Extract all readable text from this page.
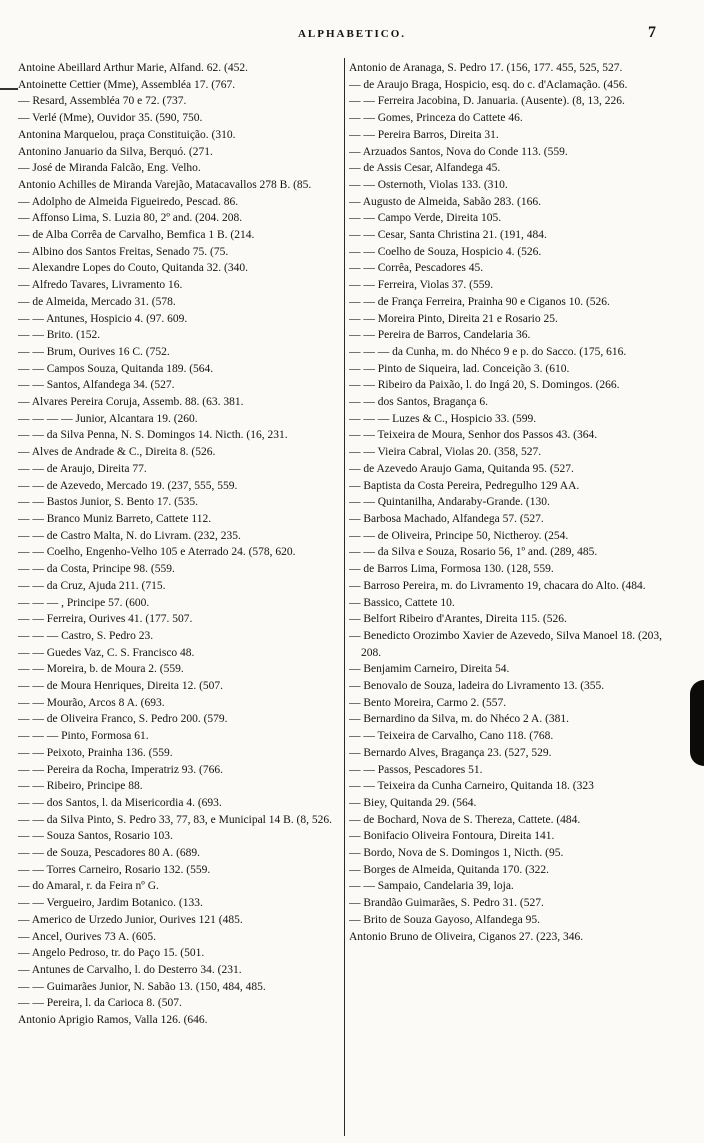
ALPHABETICO.	7

Antoine Abeillard Arthur Marie, Alfand. 62. (452.

Antoinette Cettier (Mme), Assembléa 17. (767.

— Resard, Assembléa 70 e 72. (737.

— Verlé (Mme), Ouvidor 35. (590, 750.

Antonina Marquelou, praça Constituição. (310.

Antonino Januario da Silva, Berquó. (271.

— José de Miranda Falcão, Eng. Velho.

Antonio Achilles de Miranda Varejão, Matacavallos 278 B. (85.

— Adolpho de Almeida Figueiredo, Pescad. 86.

— Affonso Lima, S. Luzia 80, 2º and. (204. 208.

— de Alba Corrêa de Carvalho, Bemfica 1 B. (214.

— Albino dos Santos Freitas, Senado 75. (75.

— Alexandre Lopes do Couto, Quitanda 32. (340.

— Alfredo Tavares, Livramento 16.

— de Almeida, Mercado 31. (578.

— — Antunes, Hospicio 4. (97. 609.

— — Brito. (152.

— — Brum, Ourives 16 C. (752.

— — Campos Souza, Quitanda 189. (564.

— — Santos, Alfandega 34. (527.

— Alvares Pereira Coruja, Assemb. 88. (63. 381.

— — — — Junior, Alcantara 19. (260.

— — da Silva Penna, N. S. Domingos 14. Nicth. (16, 231.

— Alves de Andrade & C., Direita 8. (526.

— — de Araujo, Direita 77.

— — de Azevedo, Mercado 19. (237, 555, 559.

— — Bastos Junior, S. Bento 17. (535.

— — Branco Muniz Barreto, Cattete 112.

— — de Castro Malta, N. do Livram. (232, 235.

— — Coelho, Engenho-Velho 105 e Aterrado 24. (578, 620.

— — da Costa, Principe 98. (559.

— — da Cruz, Ajuda 211. (715.

— — — , Principe 57. (600.

— — Ferreira, Ourives 41. (177. 507.

— — — Castro, S. Pedro 23.

— — Guedes Vaz, C. S. Francisco 48.

— — Moreira, b. de Moura 2. (559.

— — de Moura Henriques, Direita 12. (507.

— — Mourão, Arcos 8 A. (693.

— — de Oliveira Franco, S. Pedro 200. (579.

— — — Pinto, Formosa 61.

— — Peixoto, Prainha 136. (559.

— — Pereira da Rocha, Imperatriz 93. (766.

— — Ribeiro, Principe 88.

— — dos Santos, l. da Misericordia 4. (693.

— — da Silva Pinto, S. Pedro 33, 77, 83, e Municipal 14 B. (8, 526.

— — Souza Santos, Rosario 103.

— — de Souza, Pescadores 80 A. (689.

— — Torres Carneiro, Rosario 132. (559.

— do Amaral, r. da Feira nº G.

— — Vergueiro, Jardim Botanico. (133.

— Americo de Urzedo Junior, Ourives 121 (485.

— Ancel, Ourives 73 A. (605.

— Angelo Pedroso, tr. do Paço 15. (501.

— Antunes de Carvalho, l. do Desterro 34. (231.

— — Guimarães Junior, N. Sabão 13. (150, 484, 485.

— — Pereira, l. da Carioca 8. (507.

Antonio Aprigio Ramos, Valla 126. (646.

Antonio de Aranaga, S. Pedro 17. (156, 177. 455, 525, 527.

— de Araujo Braga, Hospicio, esq. do c. d'Aclamação. (456.

— — Ferreira Jacobina, D. Januaria. (Ausente). (8, 13, 226.

— — Gomes, Princeza do Cattete 46.

— — Pereira Barros, Direita 31.

— Arzuados Santos, Nova do Conde 113. (559.

— de Assis Cesar, Alfandega 45.

— — Osternoth, Violas 133. (310.

— Augusto de Almeida, Sabão 283. (166.

— — Campo Verde, Direita 105.

— — Cesar, Santa Christina 21. (191, 484.

— — Coelho de Souza, Hospicio 4. (526.

— — Corrêa, Pescadores 45.

— — Ferreira, Violas 37. (559.

— — de França Ferreira, Prainha 90 e Ciganos 10. (526.

— — Moreira Pinto, Direita 21 e Rosario 25.

— — Pereira de Barros, Candelaria 36.

— — — da Cunha, m. do Nhéco 9 e p. do Sacco. (175, 616.

— — Pinto de Siqueira, lad. Conceição 3. (610.

— — Ribeiro da Paixão, l. do Ingá 20, S. Domingos. (266.

— — dos Santos, Bragança 6.

— — — Luzes & C., Hospicio 33. (599.

— — Teixeira de Moura, Senhor dos Passos 43. (364.

— — Vieira Cabral, Violas 20. (358, 527.

— de Azevedo Araujo Gama, Quitanda 95. (527.

— Baptista da Costa Pereira, Pedregulho 129 AA.

— — Quintanilha, Andaraby-Grande. (130.

— Barbosa Machado, Alfandega 57. (527.

— — de Oliveira, Principe 50, Nictheroy. (254.

— — da Silva e Souza, Rosario 56, 1º and. (289, 485.

— de Barros Lima, Formosa 130. (128, 559.

— Barroso Pereira, m. do Livramento 19, chacara do Alto. (484.

— Bassico, Cattete 10.

— Belfort Ribeiro d'Arantes, Direita 115. (526.

— Benedicto Orozimbo Xavier de Azevedo, Silva Manoel 18. (203, 208.

— Benjamim Carneiro, Direita 54.

— Benovalo de Souza, ladeira do Livramento 13. (355.

— Bento Moreira, Carmo 2. (557.

— Bernardino da Silva, m. do Nhéco 2 A. (381.

— — Teixeira de Carvalho, Cano 118. (768.

— Bernardo Alves, Bragança 23. (527, 529.

— — Passos, Pescadores 51.

— — Teixeira da Cunha Carneiro, Quitanda 18. (323

— Biey, Quitanda 29. (564.

— de Bochard, Nova de S. Thereza, Cattete. (484.

— Bonifacio Oliveira Fontoura, Direita 141.

— Bordo, Nova de S. Domingos 1, Nicth. (95.

— Borges de Almeida, Quitanda 170. (322.

— — Sampaio, Candelaria 39, loja.

— Brandão Guimarães, S. Pedro 31. (527.

— Brito de Souza Gayoso, Alfandega 95.

Antonio Bruno de Oliveira, Ciganos 27. (223, 346.
